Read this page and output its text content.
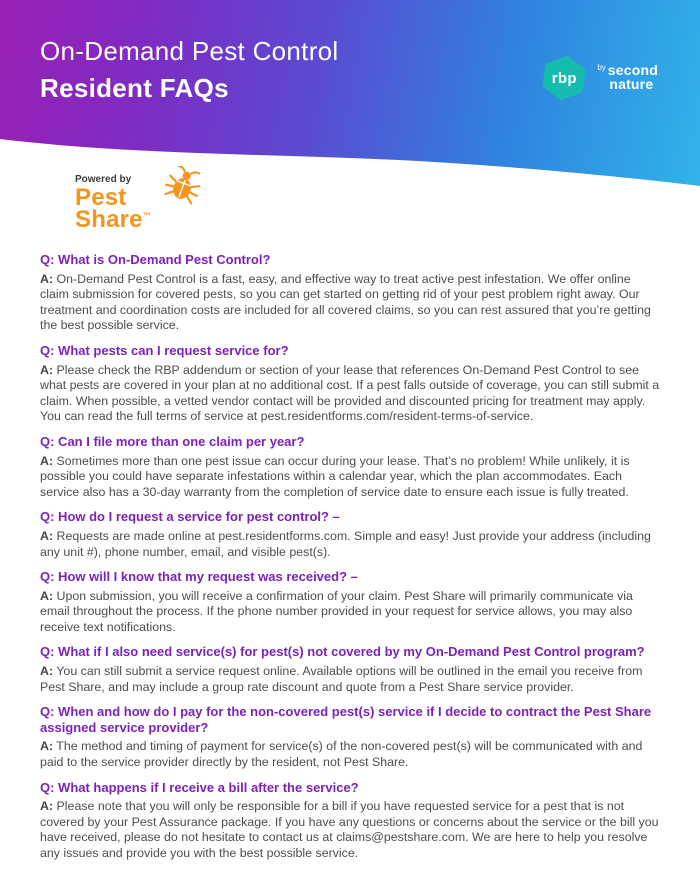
On-Demand Pest Control
Resident FAQs	rbp
by second
nature
Powered by
Pest
Share™
Q: What is On-Demand Pest Control?

A: On-Demand Pest Control is a fast, easy, and effective way to treat active pest infestation. We offer online claim submission for covered pests, so you can get started on getting rid of your pest problem right away. Our treatment and coordination costs are included for all covered claims, so you can rest assured that you’re getting the best possible service.

Q: What pests can I request service for?

A: Please check the RBP addendum or section of your lease that references On-Demand Pest Control to see what pests are covered in your plan at no additional cost. If a pest falls outside of coverage, you can still submit a claim. When possible, a vetted vendor contact will be provided and discounted pricing for treatment may apply. You can read the full terms of service at pest.residentforms.com/resident-terms-of-service.

Q: Can I file more than one claim per year?

A: Sometimes more than one pest issue can occur during your lease. That’s no problem! While unlikely, it is possible you could have separate infestations within a calendar year, which the plan accommodates. Each service also has a 30-day warranty from the completion of service date to ensure each issue is fully treated.

Q: How do I request a service for pest control? –

A: Requests are made online at pest.residentforms.com. Simple and easy! Just provide your address (including any unit #), phone number, email, and visible pest(s).

Q: How will I know that my request was received? –

A: Upon submission, you will receive a confirmation of your claim. Pest Share will primarily communicate via email throughout the process. If the phone number provided in your request for service allows, you may also receive text notifications.

Q: What if I also need service(s) for pest(s) not covered by my On-Demand Pest Control program?

A: You can still submit a service request online. Available options will be outlined in the email you receive from Pest Share, and may include a group rate discount and quote from a Pest Share service provider.

Q: When and how do I pay for the non-covered pest(s) service if I decide to contract the Pest Share assigned service provider?

A: The method and timing of payment for service(s) of the non-covered pest(s) will be communicated with and paid to the service provider directly by the resident, not Pest Share.

Q: What happens if I receive a bill after the service?

A: Please note that you will only be responsible for a bill if you have requested service for a pest that is not covered by your Pest Assurance package. If you have any questions or concerns about the service or the bill you have received, please do not hesitate to contact us at claims@pestshare.com. We are here to help you resolve any issues and provide you with the best possible service.
